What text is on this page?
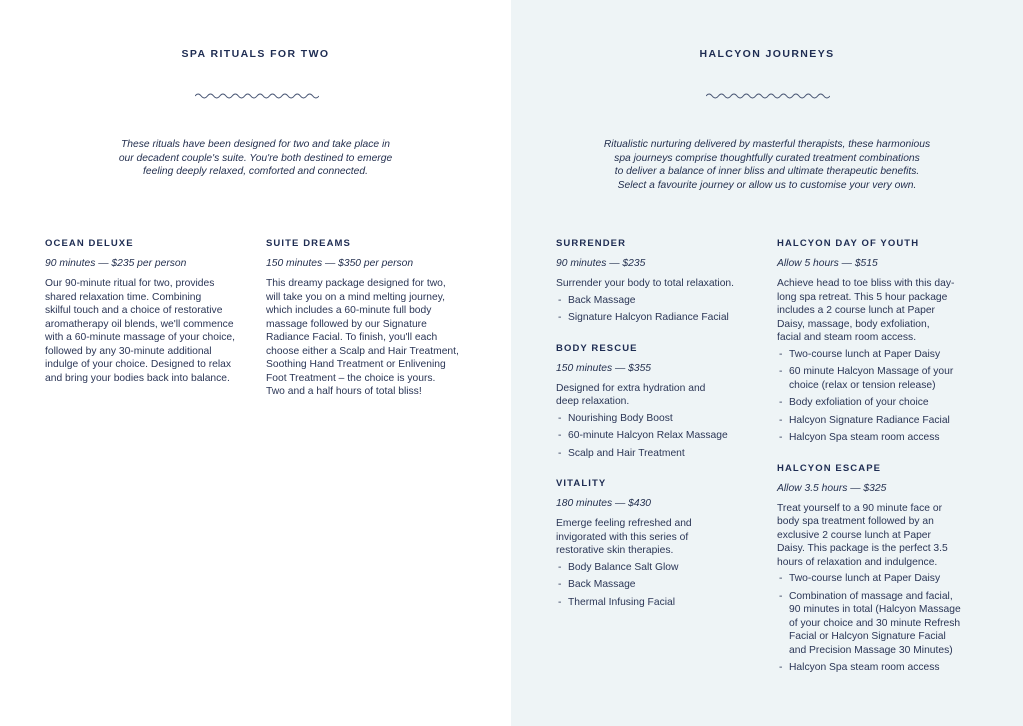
SPA RITUALS FOR TWO
These rituals have been designed for two and take place in
our decadent couple's suite. You're both destined to emerge
feeling deeply relaxed, comforted and connected.
OCEAN DELUXE
90 minutes — $235 per person
Our 90-minute ritual for two, provides
shared relaxation time. Combining
skilful touch and a choice of restorative
aromatherapy oil blends, we'll commence
with a 60-minute massage of your choice,
followed by any 30-minute additional
indulge of your choice. Designed to relax
and bring your bodies back into balance.
SUITE DREAMS
150 minutes — $350 per person
This dreamy package designed for two,
will take you on a mind melting journey,
which includes a 60-minute full body
massage followed by our Signature
Radiance Facial. To finish, you'll each
choose either a Scalp and Hair Treatment,
Soothing Hand Treatment or Enlivening
Foot Treatment – the choice is yours.
Two and a half hours of total bliss!
HALCYON JOURNEYS
Ritualistic nurturing delivered by masterful therapists, these harmonious
spa journeys comprise thoughtfully curated treatment combinations
to deliver a balance of inner bliss and ultimate therapeutic benefits.
Select a favourite journey or allow us to customise your very own.
SURRENDER
90 minutes — $235
Surrender your body to total relaxation.
- Back Massage
- Signature Halcyon Radiance Facial
BODY RESCUE
150 minutes — $355
Designed for extra hydration and
deep relaxation.
- Nourishing Body Boost
- 60-minute Halcyon Relax Massage
- Scalp and Hair Treatment
VITALITY
180 minutes — $430
Emerge feeling refreshed and
invigorated with this series of
restorative skin therapies.
- Body Balance Salt Glow
- Back Massage
- Thermal Infusing Facial
HALCYON DAY OF YOUTH
Allow 5 hours — $515
Achieve head to toe bliss with this day-
long spa retreat. This 5 hour package
includes a 2 course lunch at Paper
Daisy, massage, body exfoliation,
facial and steam room access.
- Two-course lunch at Paper Daisy
- 60 minute Halcyon Massage of your
choice (relax or tension release)
- Body exfoliation of your choice
- Halcyon Signature Radiance Facial
- Halcyon Spa steam room access
HALCYON ESCAPE
Allow 3.5 hours — $325
Treat yourself to a 90 minute face or
body spa treatment followed by an
exclusive 2 course lunch at Paper
Daisy. This package is the perfect 3.5
hours of relaxation and indulgence.
- Two-course lunch at Paper Daisy
- Combination of massage and facial,
90 minutes in total (Halcyon Massage
of your choice and 30 minute Refresh
Facial or Halcyon Signature Facial
and Precision Massage 30 Minutes)
- Halcyon Spa steam room access
